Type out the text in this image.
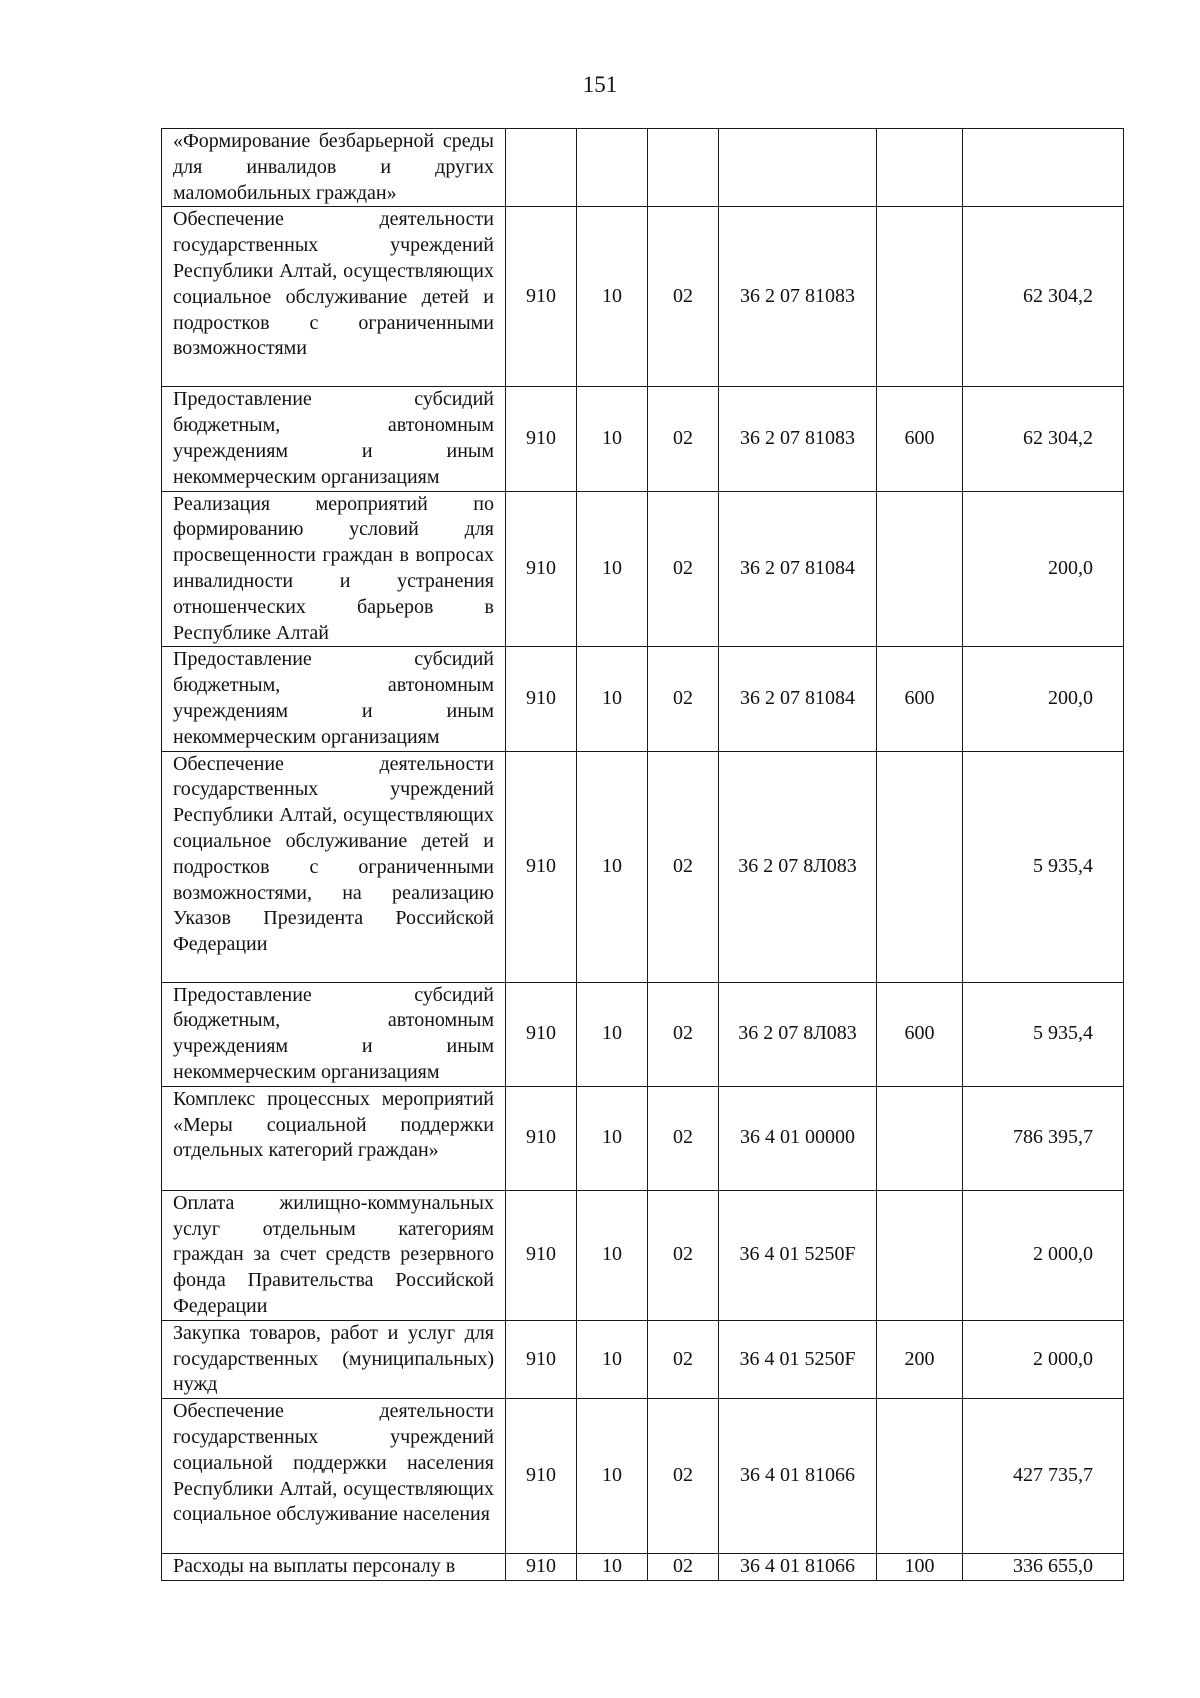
151
«Формирование безбарьерной среды для инвалидов и других маломобильных граждан»						
Обеспечение деятельности государственных учреждений Республики Алтай, осуществляющих социальное обслуживание детей и подростков с ограниченными возможностями	910	10	02	36 2 07 81083		62 304,2
Предоставление субсидий бюджетным, автономным учреждениям и иным некоммерческим организациям	910	10	02	36 2 07 81083	600	62 304,2
Реализация мероприятий по формированию условий для просвещенности граждан в вопросах инвалидности и устранения отношенческих барьеров в Республике Алтай	910	10	02	36 2 07 81084		200,0
Предоставление субсидий бюджетным, автономным учреждениям и иным некоммерческим организациям	910	10	02	36 2 07 81084	600	200,0
Обеспечение деятельности государственных учреждений Республики Алтай, осуществляющих социальное обслуживание детей и подростков с ограниченными возможностями, на реализацию Указов Президента Российской Федерации	910	10	02	36 2 07 8Л083		5 935,4
Предоставление субсидий бюджетным, автономным учреждениям и иным некоммерческим организациям	910	10	02	36 2 07 8Л083	600	5 935,4
Комплекс процессных мероприятий «Меры социальной поддержки отдельных категорий граждан»	910	10	02	36 4 01 00000		786 395,7
Оплата жилищно-коммунальных услуг отдельным категориям граждан за счет средств резервного фонда Правительства Российской Федерации	910	10	02	36 4 01 5250F		2 000,0
Закупка товаров, работ и услуг для государственных (муниципальных) нужд	910	10	02	36 4 01 5250F	200	2 000,0
Обеспечение деятельности государственных учреждений социальной поддержки населения Республики Алтай, осуществляющих социальное обслуживание населения	910	10	02	36 4 01 81066		427 735,7
Расходы на выплаты персоналу в	910	10	02	36 4 01 81066	100	336 655,0
